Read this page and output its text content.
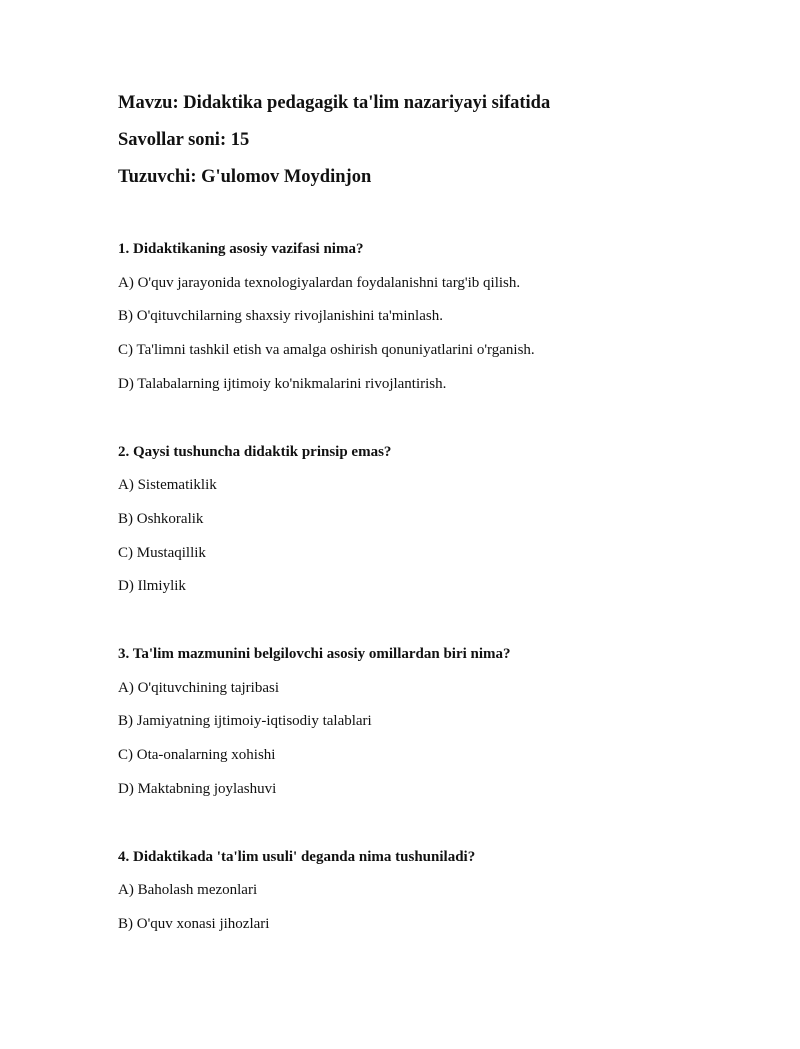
Mavzu: Didaktika pedagagik ta'lim nazariyayi sifatida
Savollar soni: 15
Tuzuvchi: G'ulomov Moydinjon
1. Didaktikaning asosiy vazifasi nima?
A) O'quv jarayonida texnologiyalardan foydalanishni targ'ib qilish.
B) O'qituvchilarning shaxsiy rivojlanishini ta'minlash.
C) Ta'limni tashkil etish va amalga oshirish qonuniyatlarini o'rganish.
D) Talabalarning ijtimoiy ko'nikmalarini rivojlantirish.
2. Qaysi tushuncha didaktik prinsip emas?
A) Sistematiklik
B) Oshkoralik
C) Mustaqillik
D) Ilmiylik
3. Ta'lim mazmunini belgilovchi asosiy omillardan biri nima?
A) O'qituvchining tajribasi
B) Jamiyatning ijtimoiy-iqtisodiy talablari
C) Ota-onalarning xohishi
D) Maktabning joylashuvi
4. Didaktikada 'ta'lim usuli' deganda nima tushuniladi?
A) Baholash mezonlari
B) O'quv xonasi jihozlari
